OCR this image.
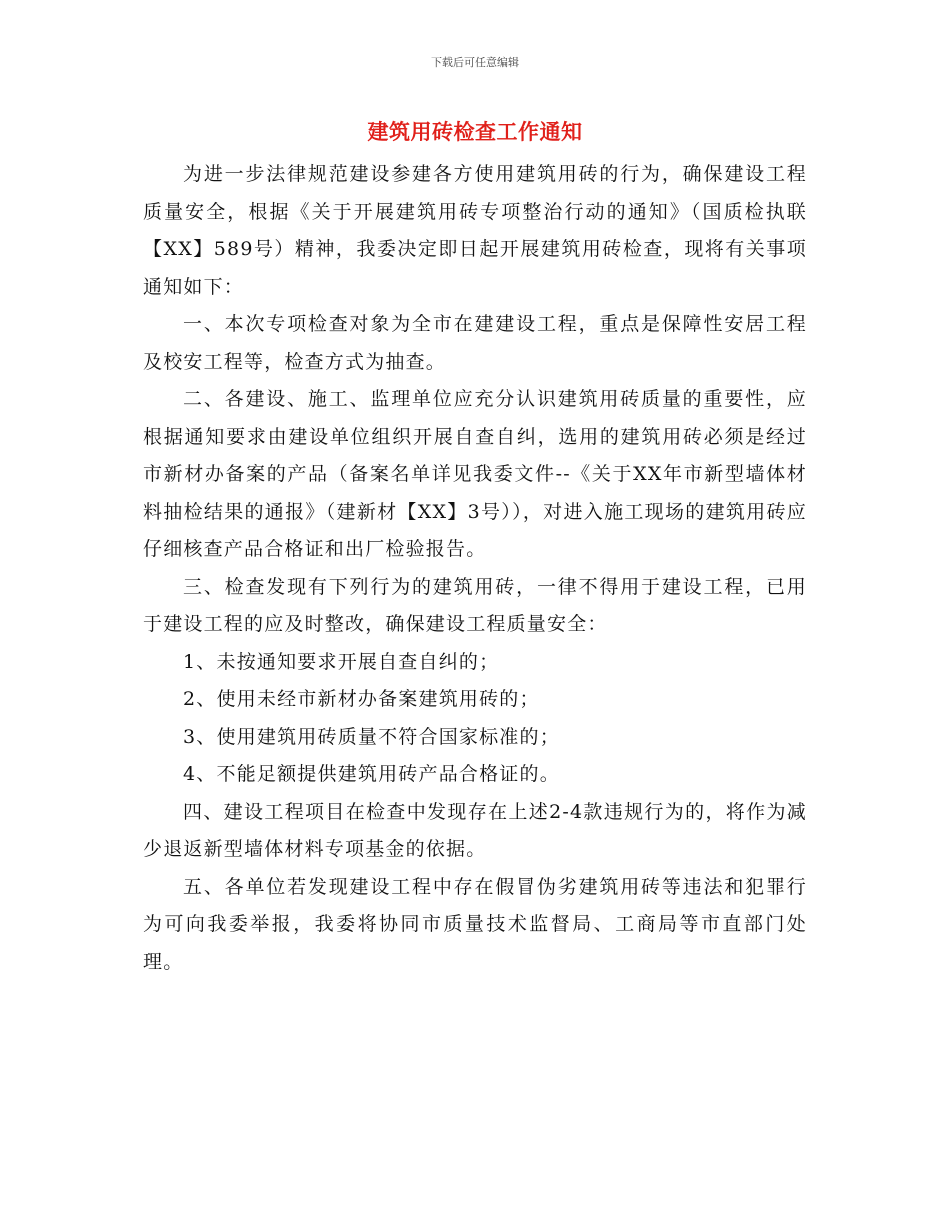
下载后可任意编辑
建筑用砖检查工作通知

为进一步法律规范建设参建各方使用建筑用砖的行为，确保建设工程质量安全，根据《关于开展建筑用砖专项整治行动的通知》（国质检执联【XX】589号）精神，我委决定即日起开展建筑用砖检查，现将有关事项通知如下：

一、本次专项检查对象为全市在建建设工程，重点是保障性安居工程及校安工程等，检查方式为抽查。

二、各建设、施工、监理单位应充分认识建筑用砖质量的重要性，应根据通知要求由建设单位组织开展自查自纠，选用的建筑用砖必须是经过市新材办备案的产品（备案名单详见我委文件--《关于XX年市新型墙体材料抽检结果的通报》（建新材【XX】3号）），对进入施工现场的建筑用砖应仔细核查产品合格证和出厂检验报告。

三、检查发现有下列行为的建筑用砖，一律不得用于建设工程，已用于建设工程的应及时整改，确保建设工程质量安全：

1、未按通知要求开展自查自纠的；

2、使用未经市新材办备案建筑用砖的；

3、使用建筑用砖质量不符合国家标准的；

4、不能足额提供建筑用砖产品合格证的。

四、建设工程项目在检查中发现存在上述2-4款违规行为的，将作为减少退返新型墙体材料专项基金的依据。

五、各单位若发现建设工程中存在假冒伪劣建筑用砖等违法和犯罪行为可向我委举报，我委将协同市质量技术监督局、工商局等市直部门处理。
